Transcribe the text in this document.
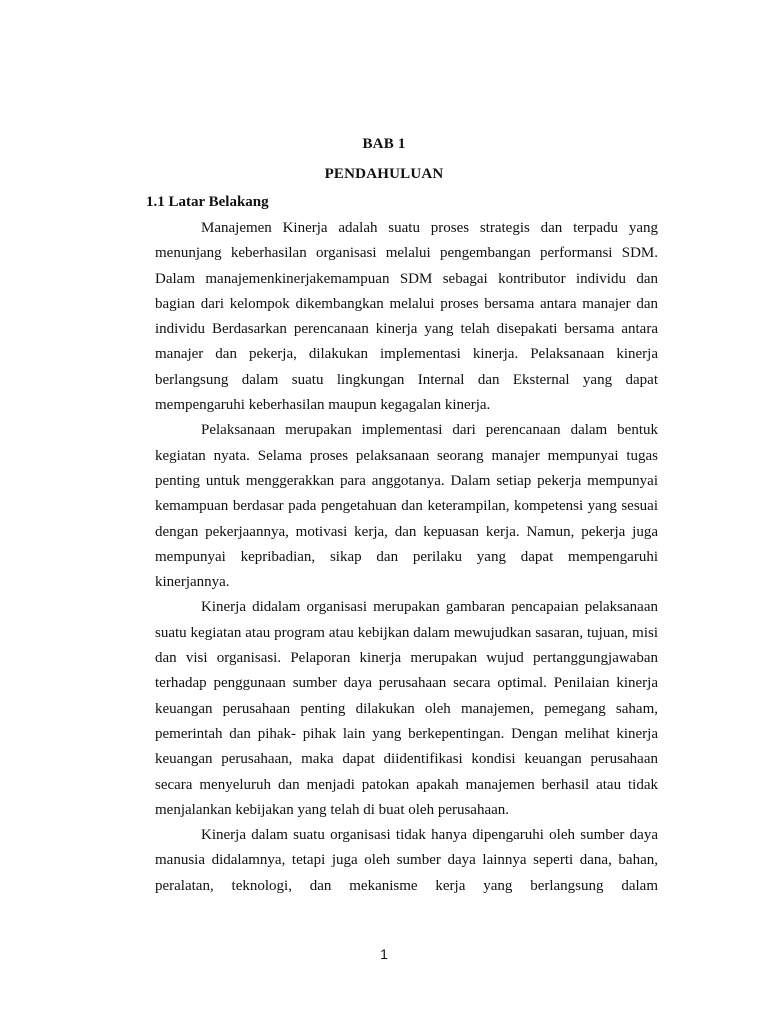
BAB 1
PENDAHULUAN
1.1 Latar Belakang

Manajemen Kinerja adalah suatu proses strategis dan terpadu yang menunjang keberhasilan organisasi melalui pengembangan performansi SDM. Dalam manajemenkinerjakemampuan SDM sebagai kontributor individu dan bagian dari kelompok dikembangkan melalui proses bersama antara manajer dan individu Berdasarkan perencanaan kinerja yang telah disepakati bersama antara manajer dan pekerja, dilakukan implementasi kinerja. Pelaksanaan kinerja berlangsung dalam suatu lingkungan Internal dan Eksternal yang dapat mempengaruhi keberhasilan maupun kegagalan kinerja.

Pelaksanaan merupakan implementasi dari perencanaan dalam bentuk kegiatan nyata. Selama proses pelaksanaan seorang manajer mempunyai tugas penting untuk menggerakkan para anggotanya. Dalam setiap pekerja mempunyai kemampuan berdasar pada pengetahuan dan keterampilan, kompetensi yang sesuai dengan pekerjaannya, motivasi kerja, dan kepuasan kerja. Namun, pekerja juga mempunyai kepribadian, sikap dan perilaku yang dapat mempengaruhi kinerjannya.

Kinerja didalam organisasi merupakan gambaran pencapaian pelaksanaan suatu kegiatan atau program atau kebijkan dalam mewujudkan sasaran, tujuan, misi dan visi organisasi. Pelaporan kinerja merupakan wujud pertanggungjawaban terhadap penggunaan sumber daya perusahaan secara optimal. Penilaian kinerja keuangan perusahaan penting dilakukan oleh manajemen, pemegang saham, pemerintah dan pihak- pihak lain yang berkepentingan. Dengan melihat kinerja keuangan perusahaan, maka dapat diidentifikasi kondisi keuangan perusahaan secara menyeluruh dan menjadi patokan apakah manajemen berhasil atau tidak menjalankan kebijakan yang telah di buat oleh perusahaan.

Kinerja dalam suatu organisasi tidak hanya dipengaruhi oleh sumber daya manusia didalamnya, tetapi juga oleh sumber daya lainnya seperti dana, bahan, peralatan, teknologi, dan mekanisme kerja yang berlangsung dalam

1
